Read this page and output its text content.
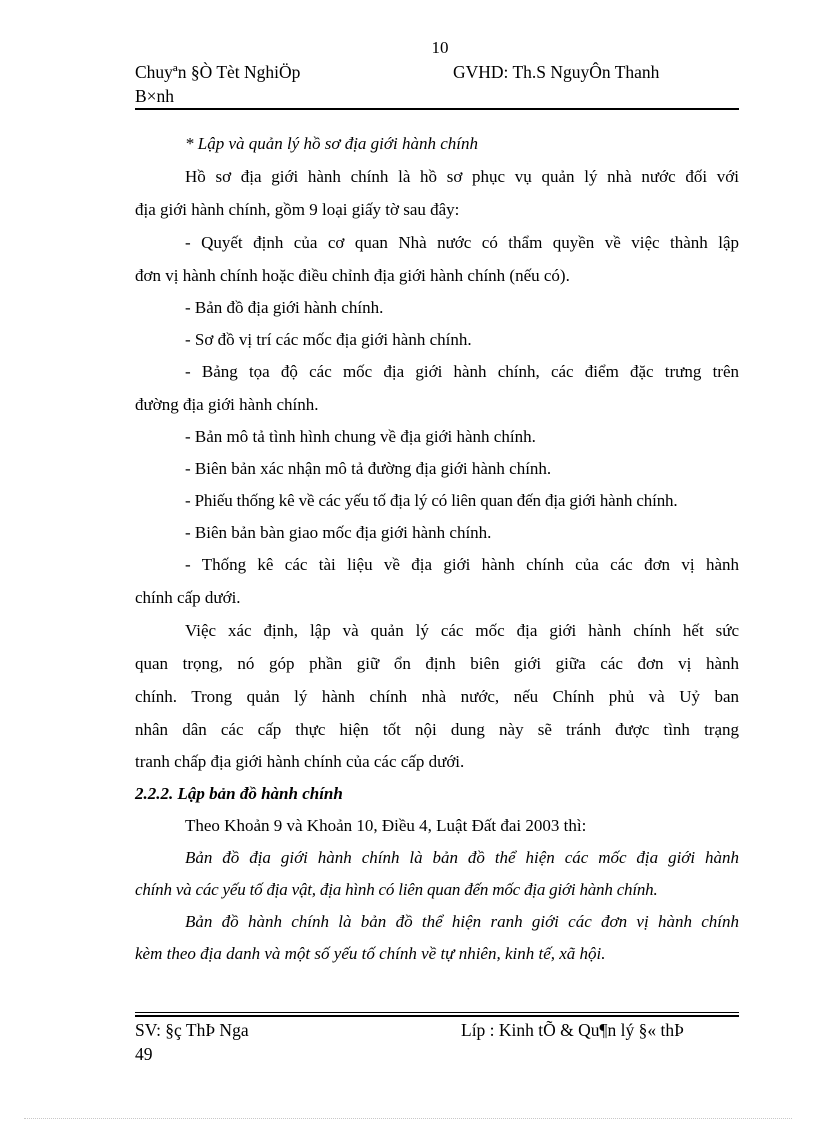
10
Chuyªn §Ò Tèt NghiÖp	GVHD: Th.S NguyÔn Thanh
B×nh
* Lập và quản lý hồ sơ địa giới hành chính
Hồ sơ địa giới hành chính là hồ sơ phục vụ quản lý nhà nước đối với
địa giới hành chính, gồm 9 loại giấy tờ sau đây:
- Quyết định của cơ quan Nhà nước có thẩm quyền về việc thành lập
đơn vị hành chính hoặc điều chỉnh địa giới hành chính (nếu có).
- Bản đồ địa giới hành chính.
- Sơ đồ vị trí các mốc địa giới hành chính.
- Bảng tọa độ các mốc địa giới hành chính, các điểm đặc trưng trên
đường địa giới hành chính.
- Bản mô tả tình hình chung về địa giới hành chính.
- Biên bản xác nhận mô tả đường địa giới hành chính.
- Phiếu thống kê về các yếu tố địa lý có liên quan đến địa giới hành chính.
- Biên bản bàn giao mốc địa giới hành chính.
- Thống kê các tài liệu về địa giới hành chính của các đơn vị hành
chính cấp dưới.
Việc xác định, lập và quản lý các mốc địa giới hành chính hết sức
quan trọng, nó góp phần giữ ổn định biên giới giữa các đơn vị hành
chính. Trong quản lý hành chính nhà nước, nếu Chính phủ và Uỷ ban
nhân dân các cấp thực hiện tốt nội dung này sẽ tránh được tình trạng
tranh chấp địa giới hành chính của các cấp dưới.
2.2.2. Lập bản đồ hành chính
Theo Khoản 9 và Khoản 10, Điều 4, Luật Đất đai 2003 thì:
Bản đồ địa giới hành chính là bản đồ thể hiện các mốc địa giới hành
chính và các yếu tố địa vật, địa hình có liên quan đến mốc địa giới hành chính.
Bản đồ hành chính là bản đồ thể hiện ranh giới các đơn vị hành chính
kèm theo địa danh và một số yếu tố chính về tự nhiên, kinh tế, xã hội.
SV: §ç ThÞ Nga	Líp : Kinh tÕ & Qu¶n lý §« thÞ
49
